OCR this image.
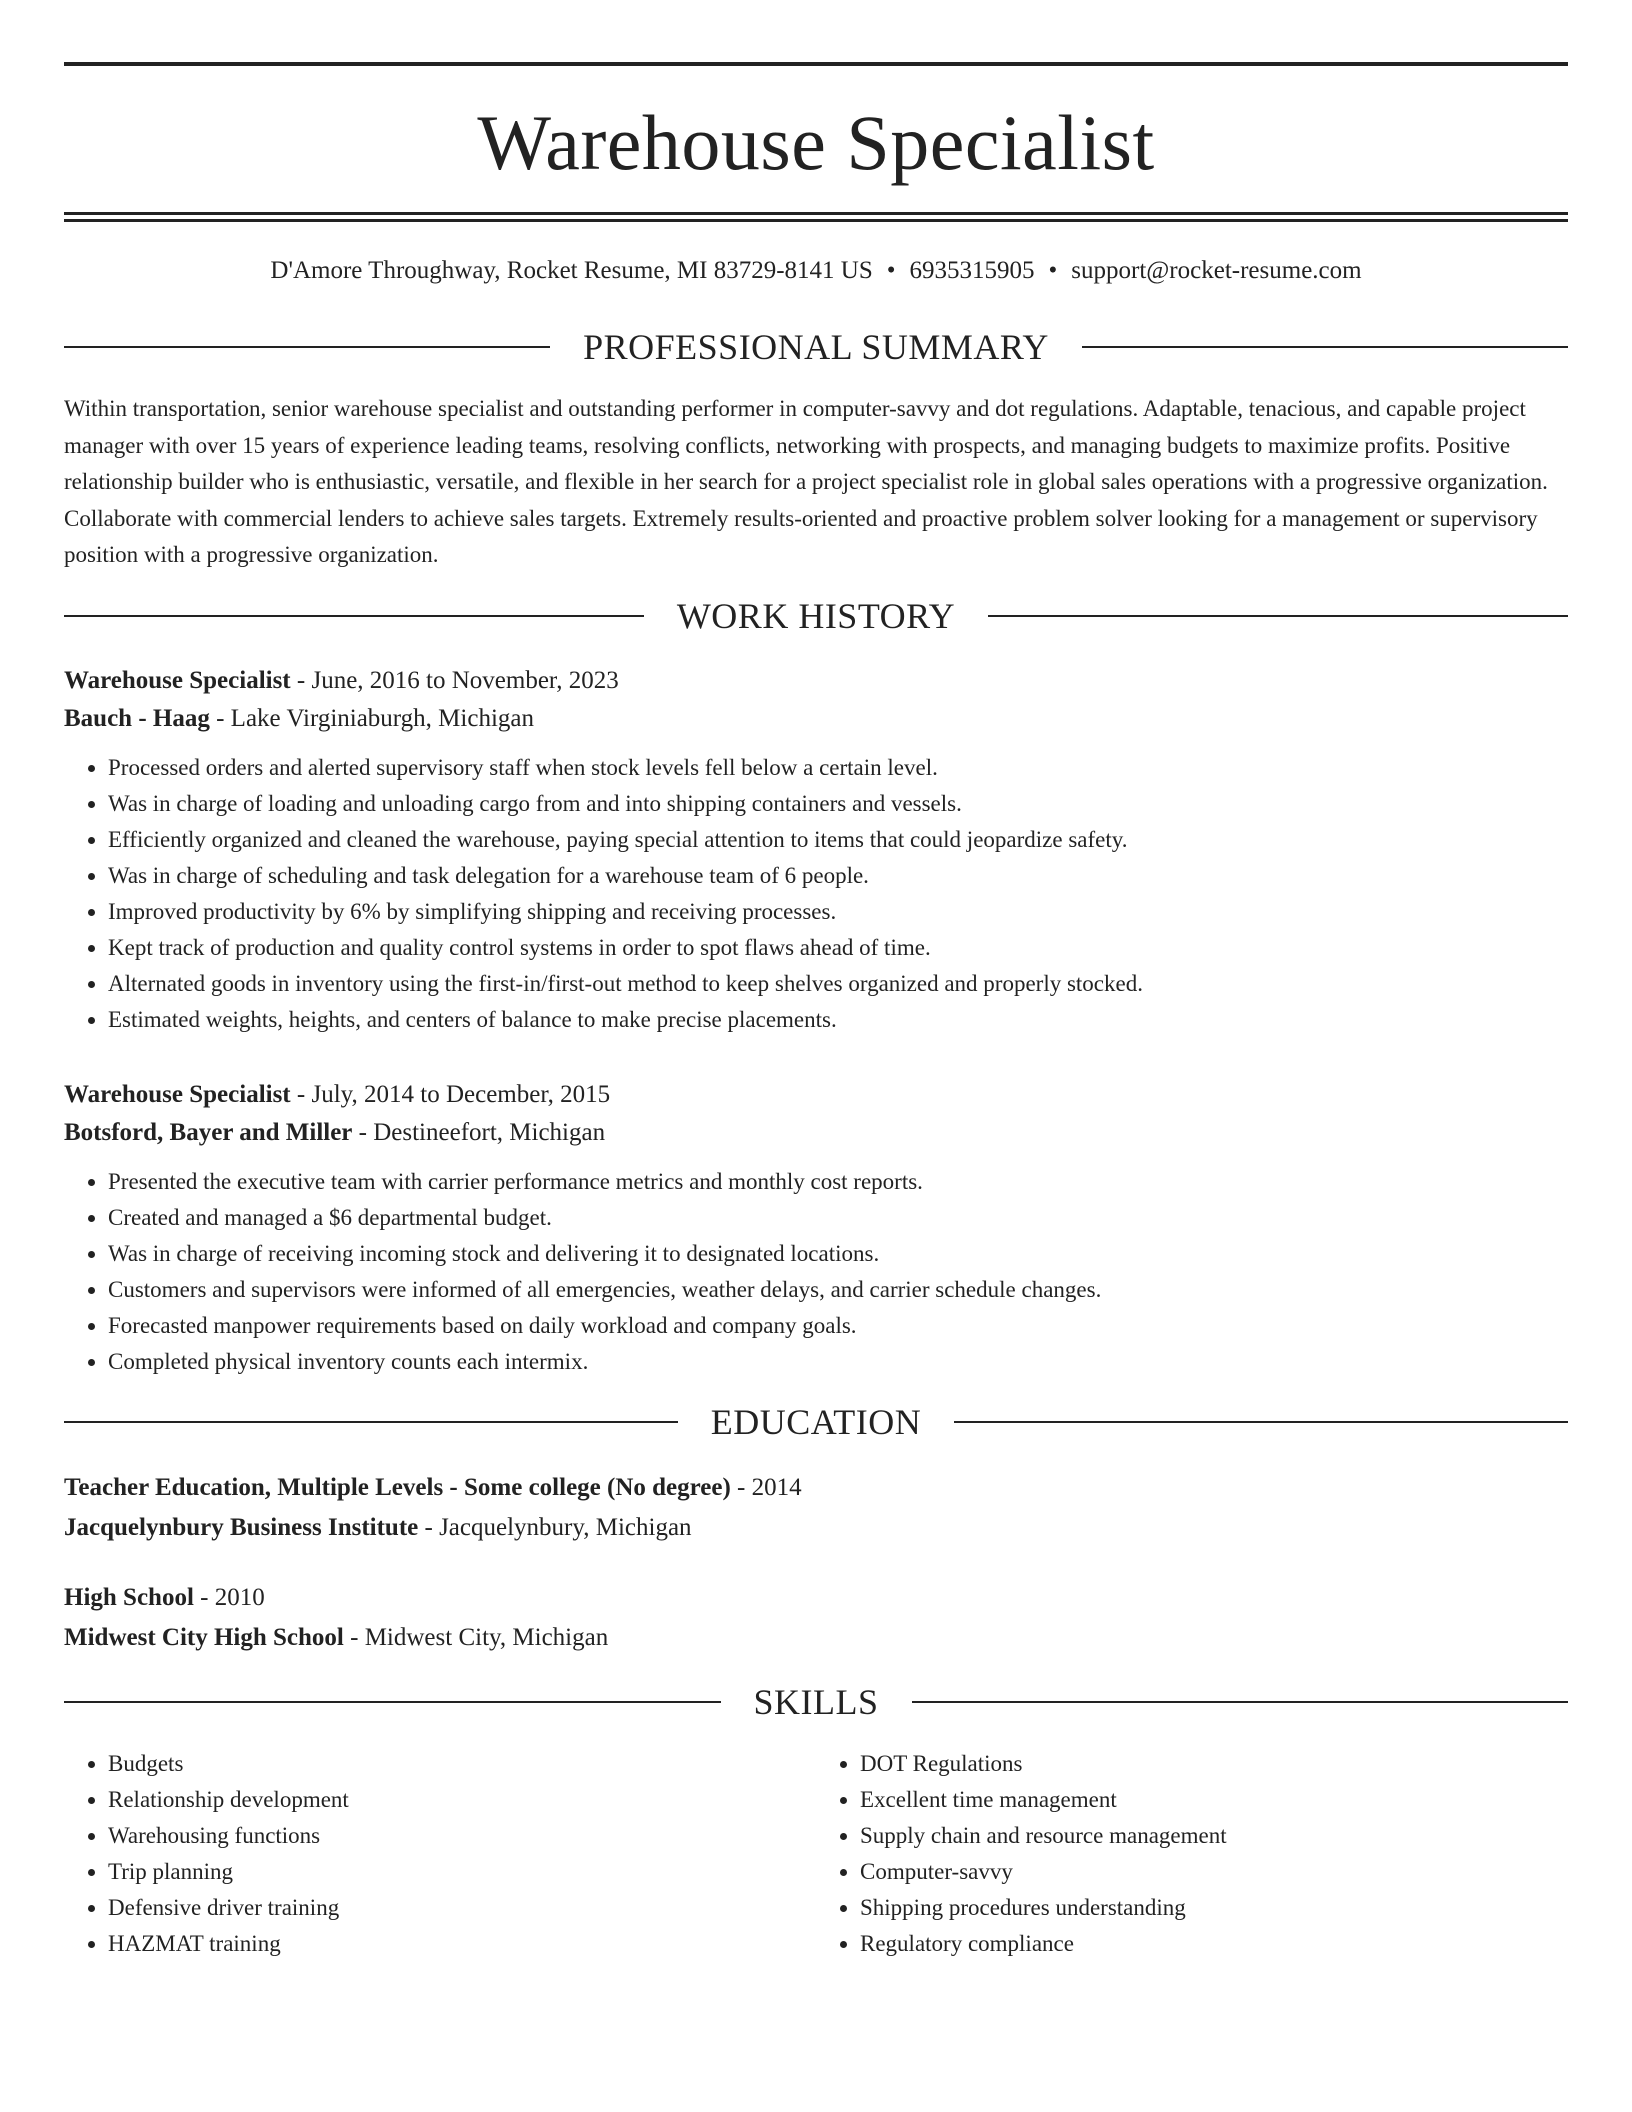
Warehouse Specialist
D'Amore Throughway, Rocket Resume, MI 83729-8141 US • 6935315905 • support@rocket-resume.com
PROFESSIONAL SUMMARY
Within transportation, senior warehouse specialist and outstanding performer in computer-savvy and dot regulations. Adaptable, tenacious, and capable project manager with over 15 years of experience leading teams, resolving conflicts, networking with prospects, and managing budgets to maximize profits. Positive relationship builder who is enthusiastic, versatile, and flexible in her search for a project specialist role in global sales operations with a progressive organization. Collaborate with commercial lenders to achieve sales targets. Extremely results-oriented and proactive problem solver looking for a management or supervisory position with a progressive organization.
WORK HISTORY
Warehouse Specialist - June, 2016 to November, 2023
Bauch - Haag - Lake Virginiaburgh, Michigan
• Processed orders and alerted supervisory staff when stock levels fell below a certain level.
• Was in charge of loading and unloading cargo from and into shipping containers and vessels.
• Efficiently organized and cleaned the warehouse, paying special attention to items that could jeopardize safety.
• Was in charge of scheduling and task delegation for a warehouse team of 6 people.
• Improved productivity by 6% by simplifying shipping and receiving processes.
• Kept track of production and quality control systems in order to spot flaws ahead of time.
• Alternated goods in inventory using the first-in/first-out method to keep shelves organized and properly stocked.
• Estimated weights, heights, and centers of balance to make precise placements.
Warehouse Specialist - July, 2014 to December, 2015
Botsford, Bayer and Miller - Destineefort, Michigan
• Presented the executive team with carrier performance metrics and monthly cost reports.
• Created and managed a $6 departmental budget.
• Was in charge of receiving incoming stock and delivering it to designated locations.
• Customers and supervisors were informed of all emergencies, weather delays, and carrier schedule changes.
• Forecasted manpower requirements based on daily workload and company goals.
• Completed physical inventory counts each intermix.
EDUCATION
Teacher Education, Multiple Levels - Some college (No degree) - 2014
Jacquelynbury Business Institute - Jacquelynbury, Michigan
High School - 2010
Midwest City High School - Midwest City, Michigan
SKILLS
• Budgets
• Relationship development
• Warehousing functions
• Trip planning
• Defensive driver training
• HAZMAT training
• DOT Regulations
• Excellent time management
• Supply chain and resource management
• Computer-savvy
• Shipping procedures understanding
• Regulatory compliance
